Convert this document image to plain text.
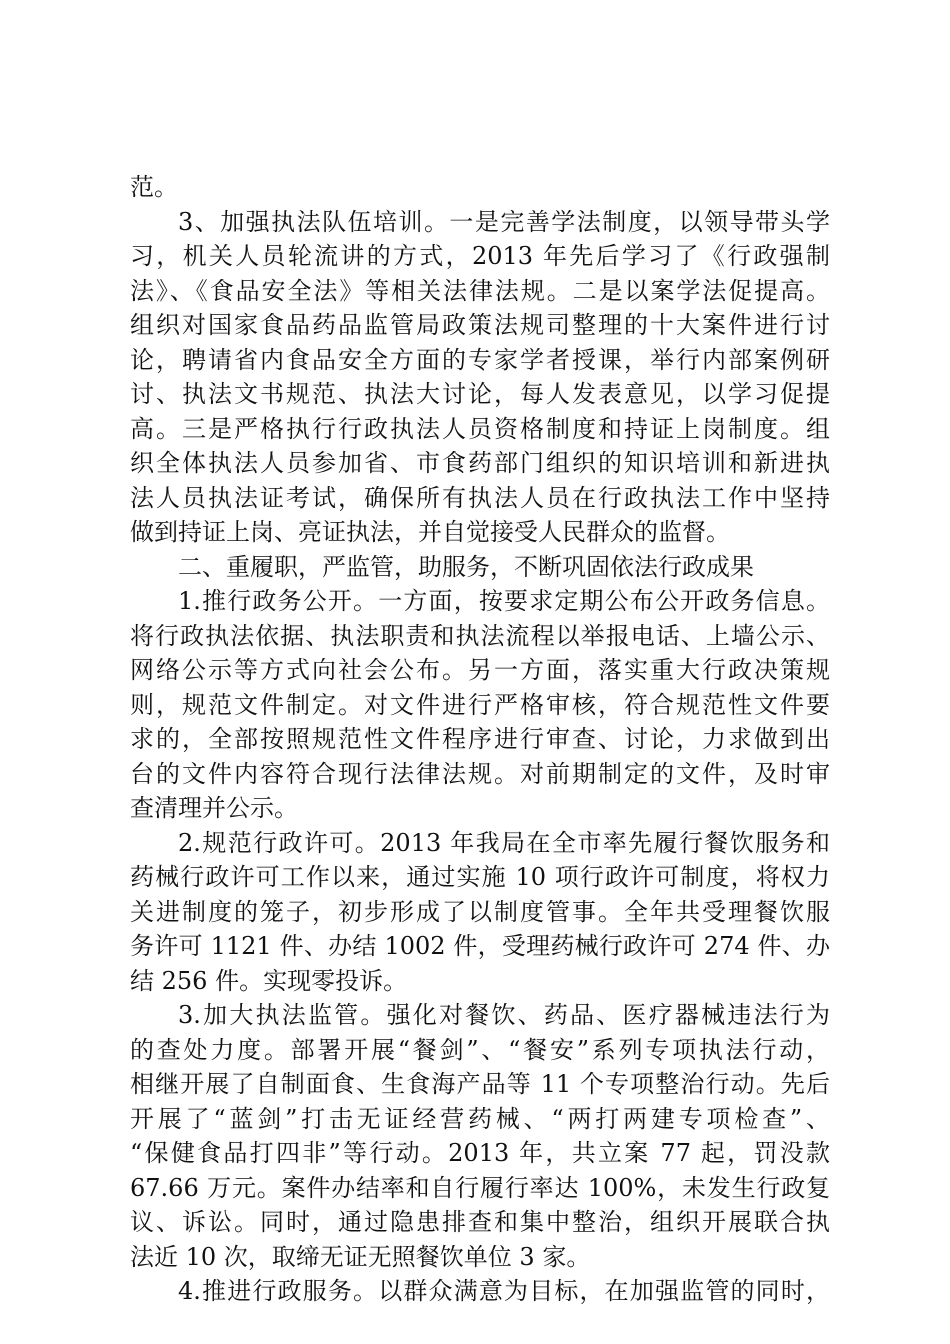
范。
3、加强执法队伍培训。一是完善学法制度，以领导带头学
习，机关人员轮流讲的方式，2013 年先后学习了《行政强制
法》、《食品安全法》等相关法律法规。二是以案学法促提高。
组织对国家食品药品监管局政策法规司整理的十大案件进行讨
论，聘请省内食品安全方面的专家学者授课，举行内部案例研
讨、执法文书规范、执法大讨论，每人发表意见，以学习促提
高。三是严格执行行政执法人员资格制度和持证上岗制度。组
织全体执法人员参加省、市食药部门组织的知识培训和新进执
法人员执法证考试，确保所有执法人员在行政执法工作中坚持
做到持证上岗、亮证执法，并自觉接受人民群众的监督。
二、重履职，严监管，助服务，不断巩固依法行政成果
1.推行政务公开。一方面，按要求定期公布公开政务信息。
将行政执法依据、执法职责和执法流程以举报电话、上墙公示、
网络公示等方式向社会公布。另一方面，落实重大行政决策规
则，规范文件制定。对文件进行严格审核，符合规范性文件要
求的，全部按照规范性文件程序进行审查、讨论，力求做到出
台的文件内容符合现行法律法规。对前期制定的文件，及时审
查清理并公示。
2.规范行政许可。2013 年我局在全市率先履行餐饮服务和
药械行政许可工作以来，通过实施 10 项行政许可制度，将权力
关进制度的笼子，初步形成了以制度管事。全年共受理餐饮服
务许可 1121 件、办结 1002 件，受理药械行政许可 274 件、办
结 256 件。实现零投诉。
3.加大执法监管。强化对餐饮、药品、医疗器械违法行为
的查处力度。部署开展“餐剑”、“餐安”系列专项执法行动，
相继开展了自制面食、生食海产品等 11 个专项整治行动。先后
开展了“蓝剑”打击无证经营药械、“两打两建专项检查”、
“保健食品打四非”等行动。2013 年，共立案 77 起，罚没款
67.66 万元。案件办结率和自行履行率达 100%，未发生行政复
议、诉讼。同时，通过隐患排查和集中整治，组织开展联合执
法近 10 次，取缔无证无照餐饮单位 3 家。
4.推进行政服务。以群众满意为目标，在加强监管的同时，
